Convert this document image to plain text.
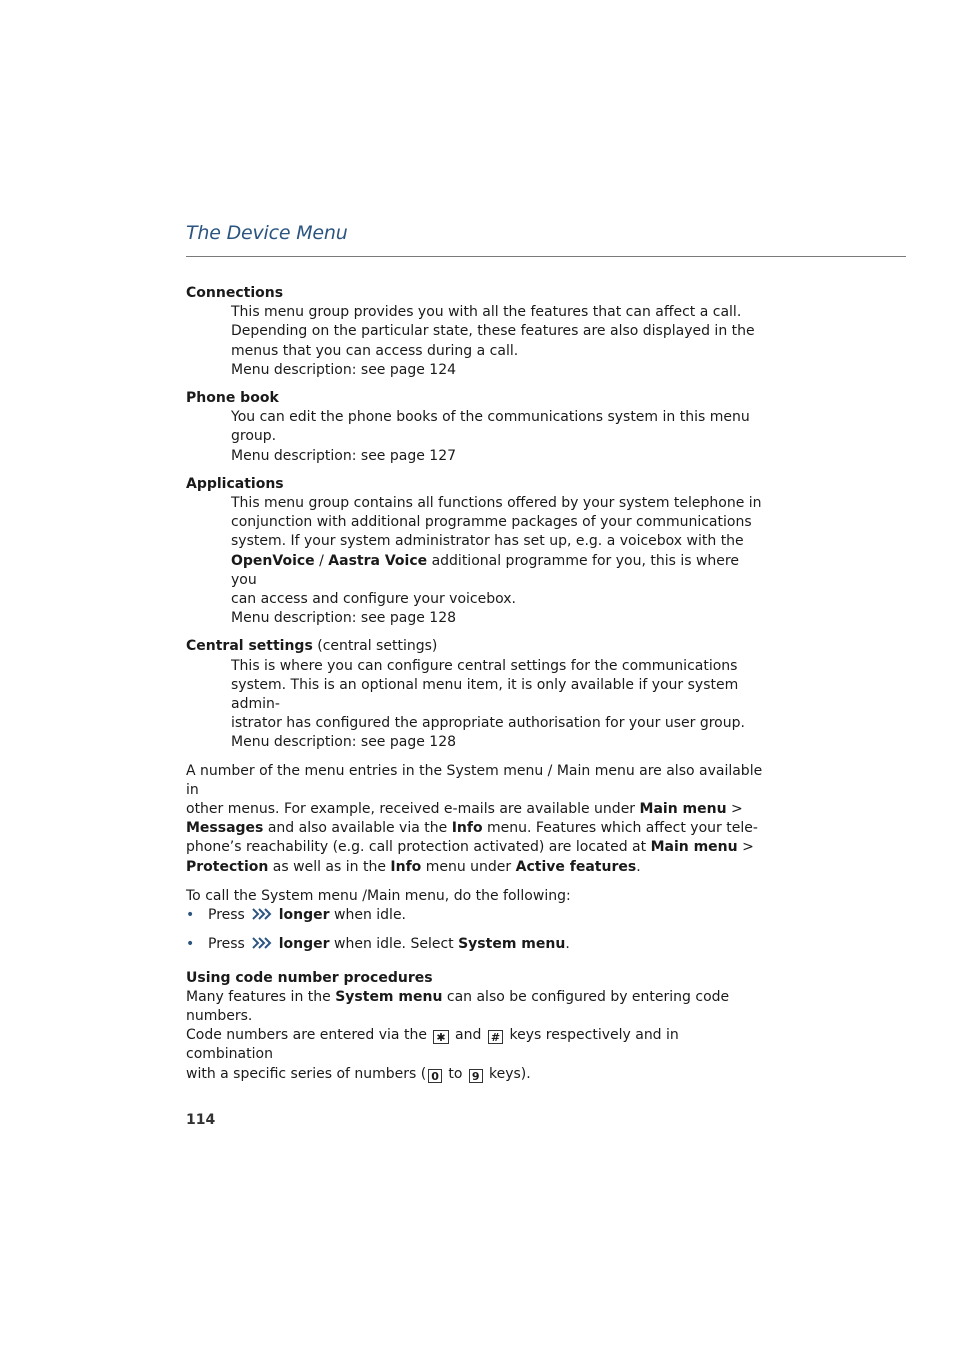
The Device Menu

Connections

This menu group provides you with all the features that can affect a call.

Depending on the particular state, these features are also displayed in the

menus that you can access during a call.

Menu description: see page 124

Phone book

You can edit the phone books of the communications system in this menu

group.

Menu description: see page 127

Applications

This menu group contains all functions offered by your system telephone in

conjunction with additional programme packages of your communications

system. If your system administrator has set up, e.g. a voicebox with the

OpenVoice / Aastra Voice additional programme for you, this is where you

can access and configure your voicebox.

Menu description: see page 128

Central settings (central settings)

This is where you can configure central settings for the communications

system. This is an optional menu item, it is only available if your system admin-

istrator has configured the appropriate authorisation for your user group.

Menu description: see page 128

A number of the menu entries in the System menu / Main menu are also available in

other menus. For example, received e-mails are available under Main menu >

Messages and also available via the Info menu. Features which affect your tele-

phone’s reachability (e.g. call protection activated) are located at Main menu >

Protection as well as in the Info menu under Active features.

To call the System menu /Main menu, do the following:

• Press  longer when idle.
• Press  longer when idle. Select System menu.

Using code number procedures

Many features in the System menu can also be configured by entering code numbers.

Code numbers are entered via the ✱ and # keys respectively and in combination

with a specific series of numbers ( 0 to 9 keys).

114
